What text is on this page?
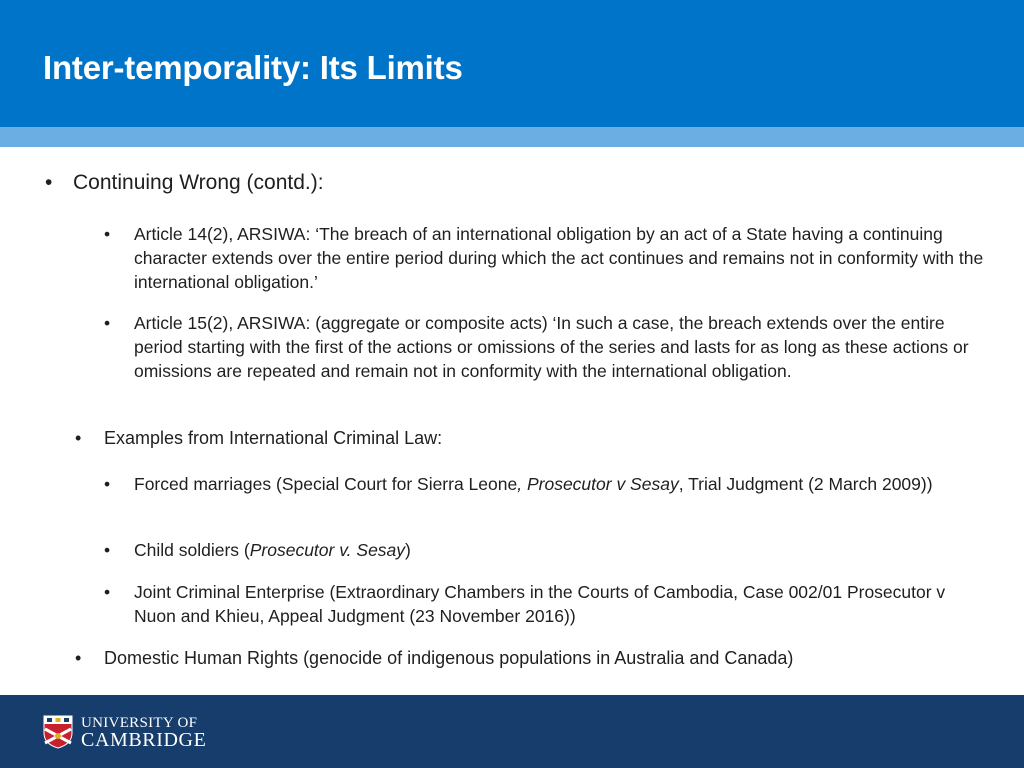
Inter-temporality: Its Limits
• Continuing Wrong (contd.):
• Article 14(2), ARSIWA: ‘The breach of an international obligation by an act of a State having a continuing character extends over the entire period during which the act continues and remains not in conformity with the international obligation.’
• Article 15(2), ARSIWA: (aggregate or composite acts) ‘In such a case, the breach extends over the entire period starting with the first of the actions or omissions of the series and lasts for as long as these actions or omissions are repeated and remain not in conformity with the international obligation.
• Examples from International Criminal Law:
• Forced marriages (Special Court for Sierra Leone, Prosecutor v Sesay, Trial Judgment (2 March 2009))
• Child soldiers (Prosecutor v. Sesay)
• Joint Criminal Enterprise (Extraordinary Chambers in the Courts of Cambodia, Case 002/01 Prosecutor v Nuon and Khieu, Appeal Judgment (23 November 2016))
• Domestic Human Rights (genocide of indigenous populations in Australia and Canada)
UNIVERSITY OF
CAMBRIDGE
